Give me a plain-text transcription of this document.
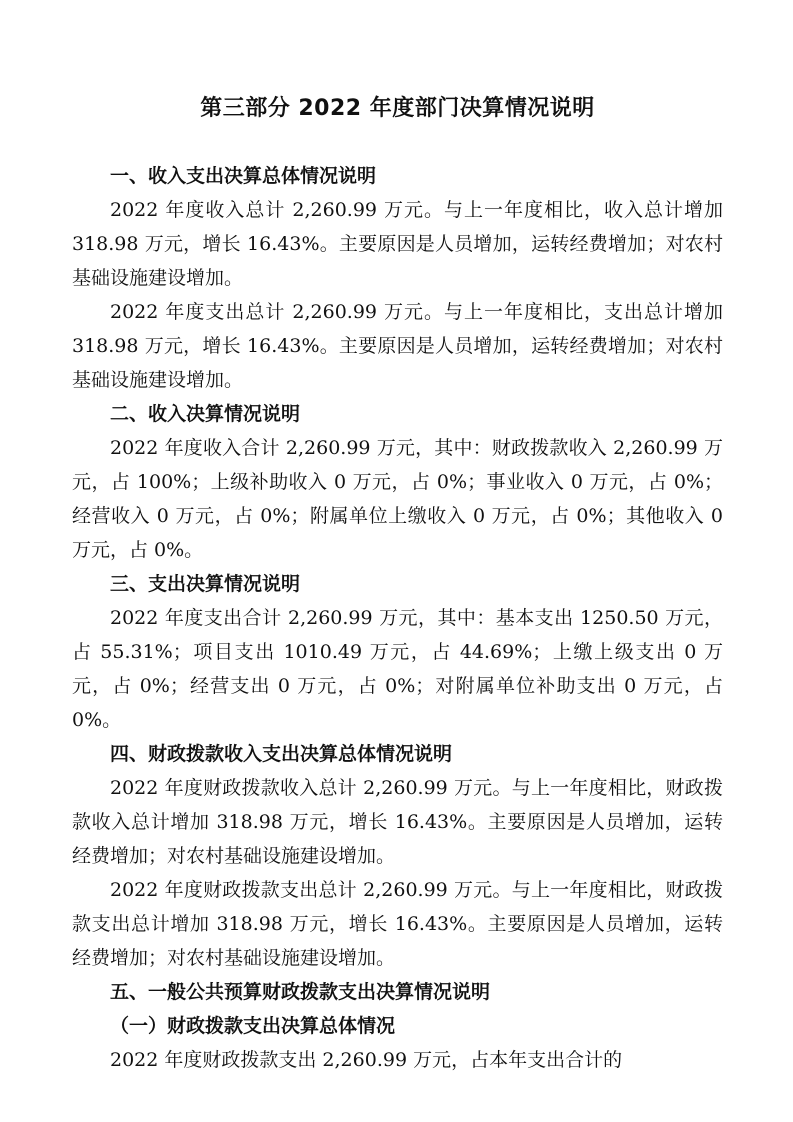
第三部分 2022 年度部门决算情况说明
一、收入支出决算总体情况说明

2022 年度收入总计 2,260.99 万元。与上一年度相比，收入总计增加 318.98 万元，增长 16.43%。主要原因是人员增加，运转经费增加；对农村基础设施建设增加。

2022 年度支出总计 2,260.99 万元。与上一年度相比，支出总计增加 318.98 万元，增长 16.43%。主要原因是人员增加，运转经费增加；对农村基础设施建设增加。

二、收入决算情况说明

2022 年度收入合计 2,260.99 万元，其中：财政拨款收入 2,260.99 万元，占 100%；上级补助收入 0 万元，占 0%；事业收入 0 万元，占 0%；经营收入 0 万元，占 0%；附属单位上缴收入 0 万元，占 0%；其他收入 0 万元，占 0%。

三、支出决算情况说明

2022 年度支出合计 2,260.99 万元，其中：基本支出 1250.50 万元，占 55.31%；项目支出 1010.49 万元，占 44.69%；上缴上级支出 0 万元，占 0%；经营支出 0 万元，占 0%；对附属单位补助支出 0 万元，占 0%。

四、财政拨款收入支出决算总体情况说明

2022 年度财政拨款收入总计 2,260.99 万元。与上一年度相比，财政拨款收入总计增加 318.98 万元，增长 16.43%。主要原因是人员增加，运转经费增加；对农村基础设施建设增加。

2022 年度财政拨款支出总计 2,260.99 万元。与上一年度相比，财政拨款支出总计增加 318.98 万元，增长 16.43%。主要原因是人员增加，运转经费增加；对农村基础设施建设增加。

五、一般公共预算财政拨款支出决算情况说明
（一）财政拨款支出决算总体情况

2022 年度财政拨款支出 2,260.99 万元，占本年支出合计的
